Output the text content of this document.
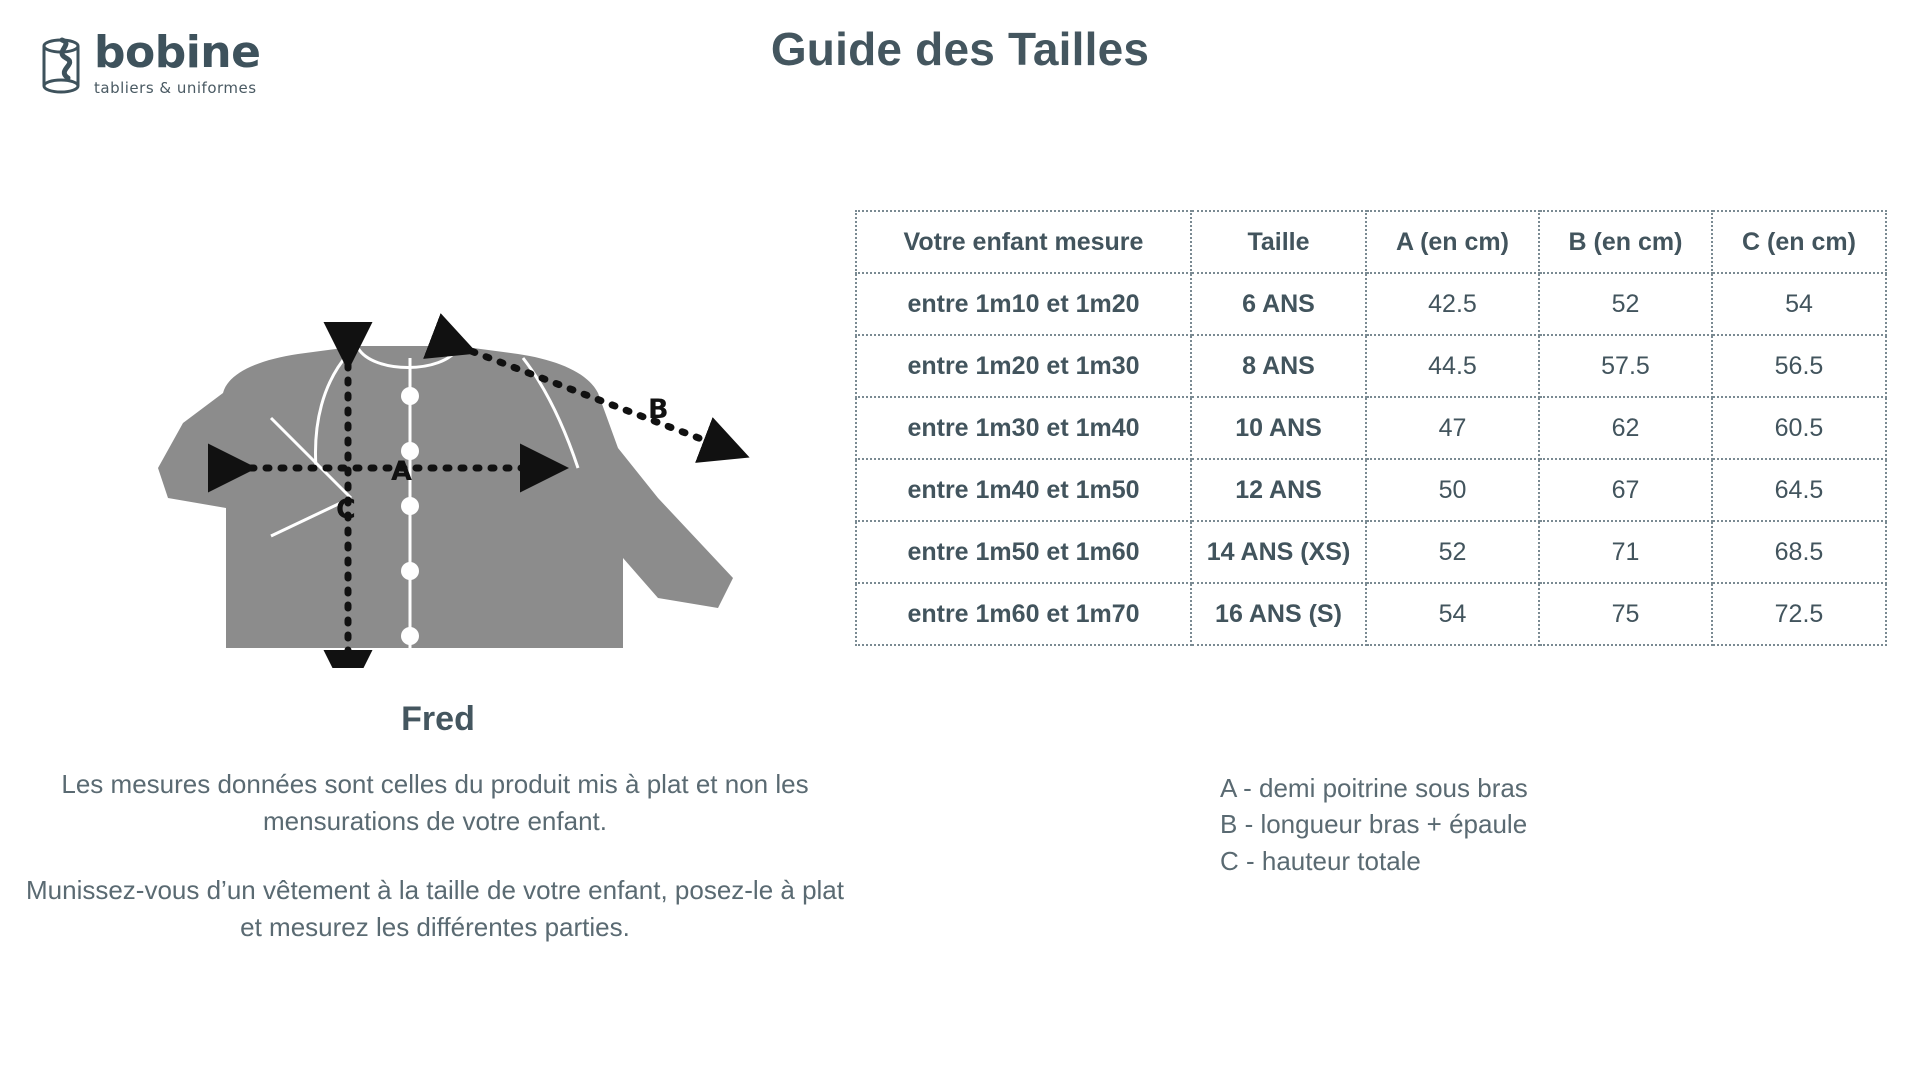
bobine
tabliers & uniformes
Guide des Tailles
A
B
C
Fred

Les mesures données sont celles du produit mis à plat et non les mensurations de votre enfant.

Munissez-vous d’un vêtement à la taille de votre enfant, posez-le à plat et mesurez les différentes parties.

Votre enfant mesure	Taille	A (en cm)	B (en cm)	C (en cm)
entre 1m10 et 1m20	6 ANS	42.5	52	54
entre 1m20 et 1m30	8 ANS	44.5	57.5	56.5
entre 1m30 et 1m40	10 ANS	47	62	60.5
entre 1m40 et 1m50	12 ANS	50	67	64.5
entre 1m50 et 1m60	14 ANS (XS)	52	71	68.5
entre 1m60 et 1m70	16 ANS (S)	54	75	72.5
A - demi poitrine sous bras
B - longueur bras + épaule
C - hauteur totale
